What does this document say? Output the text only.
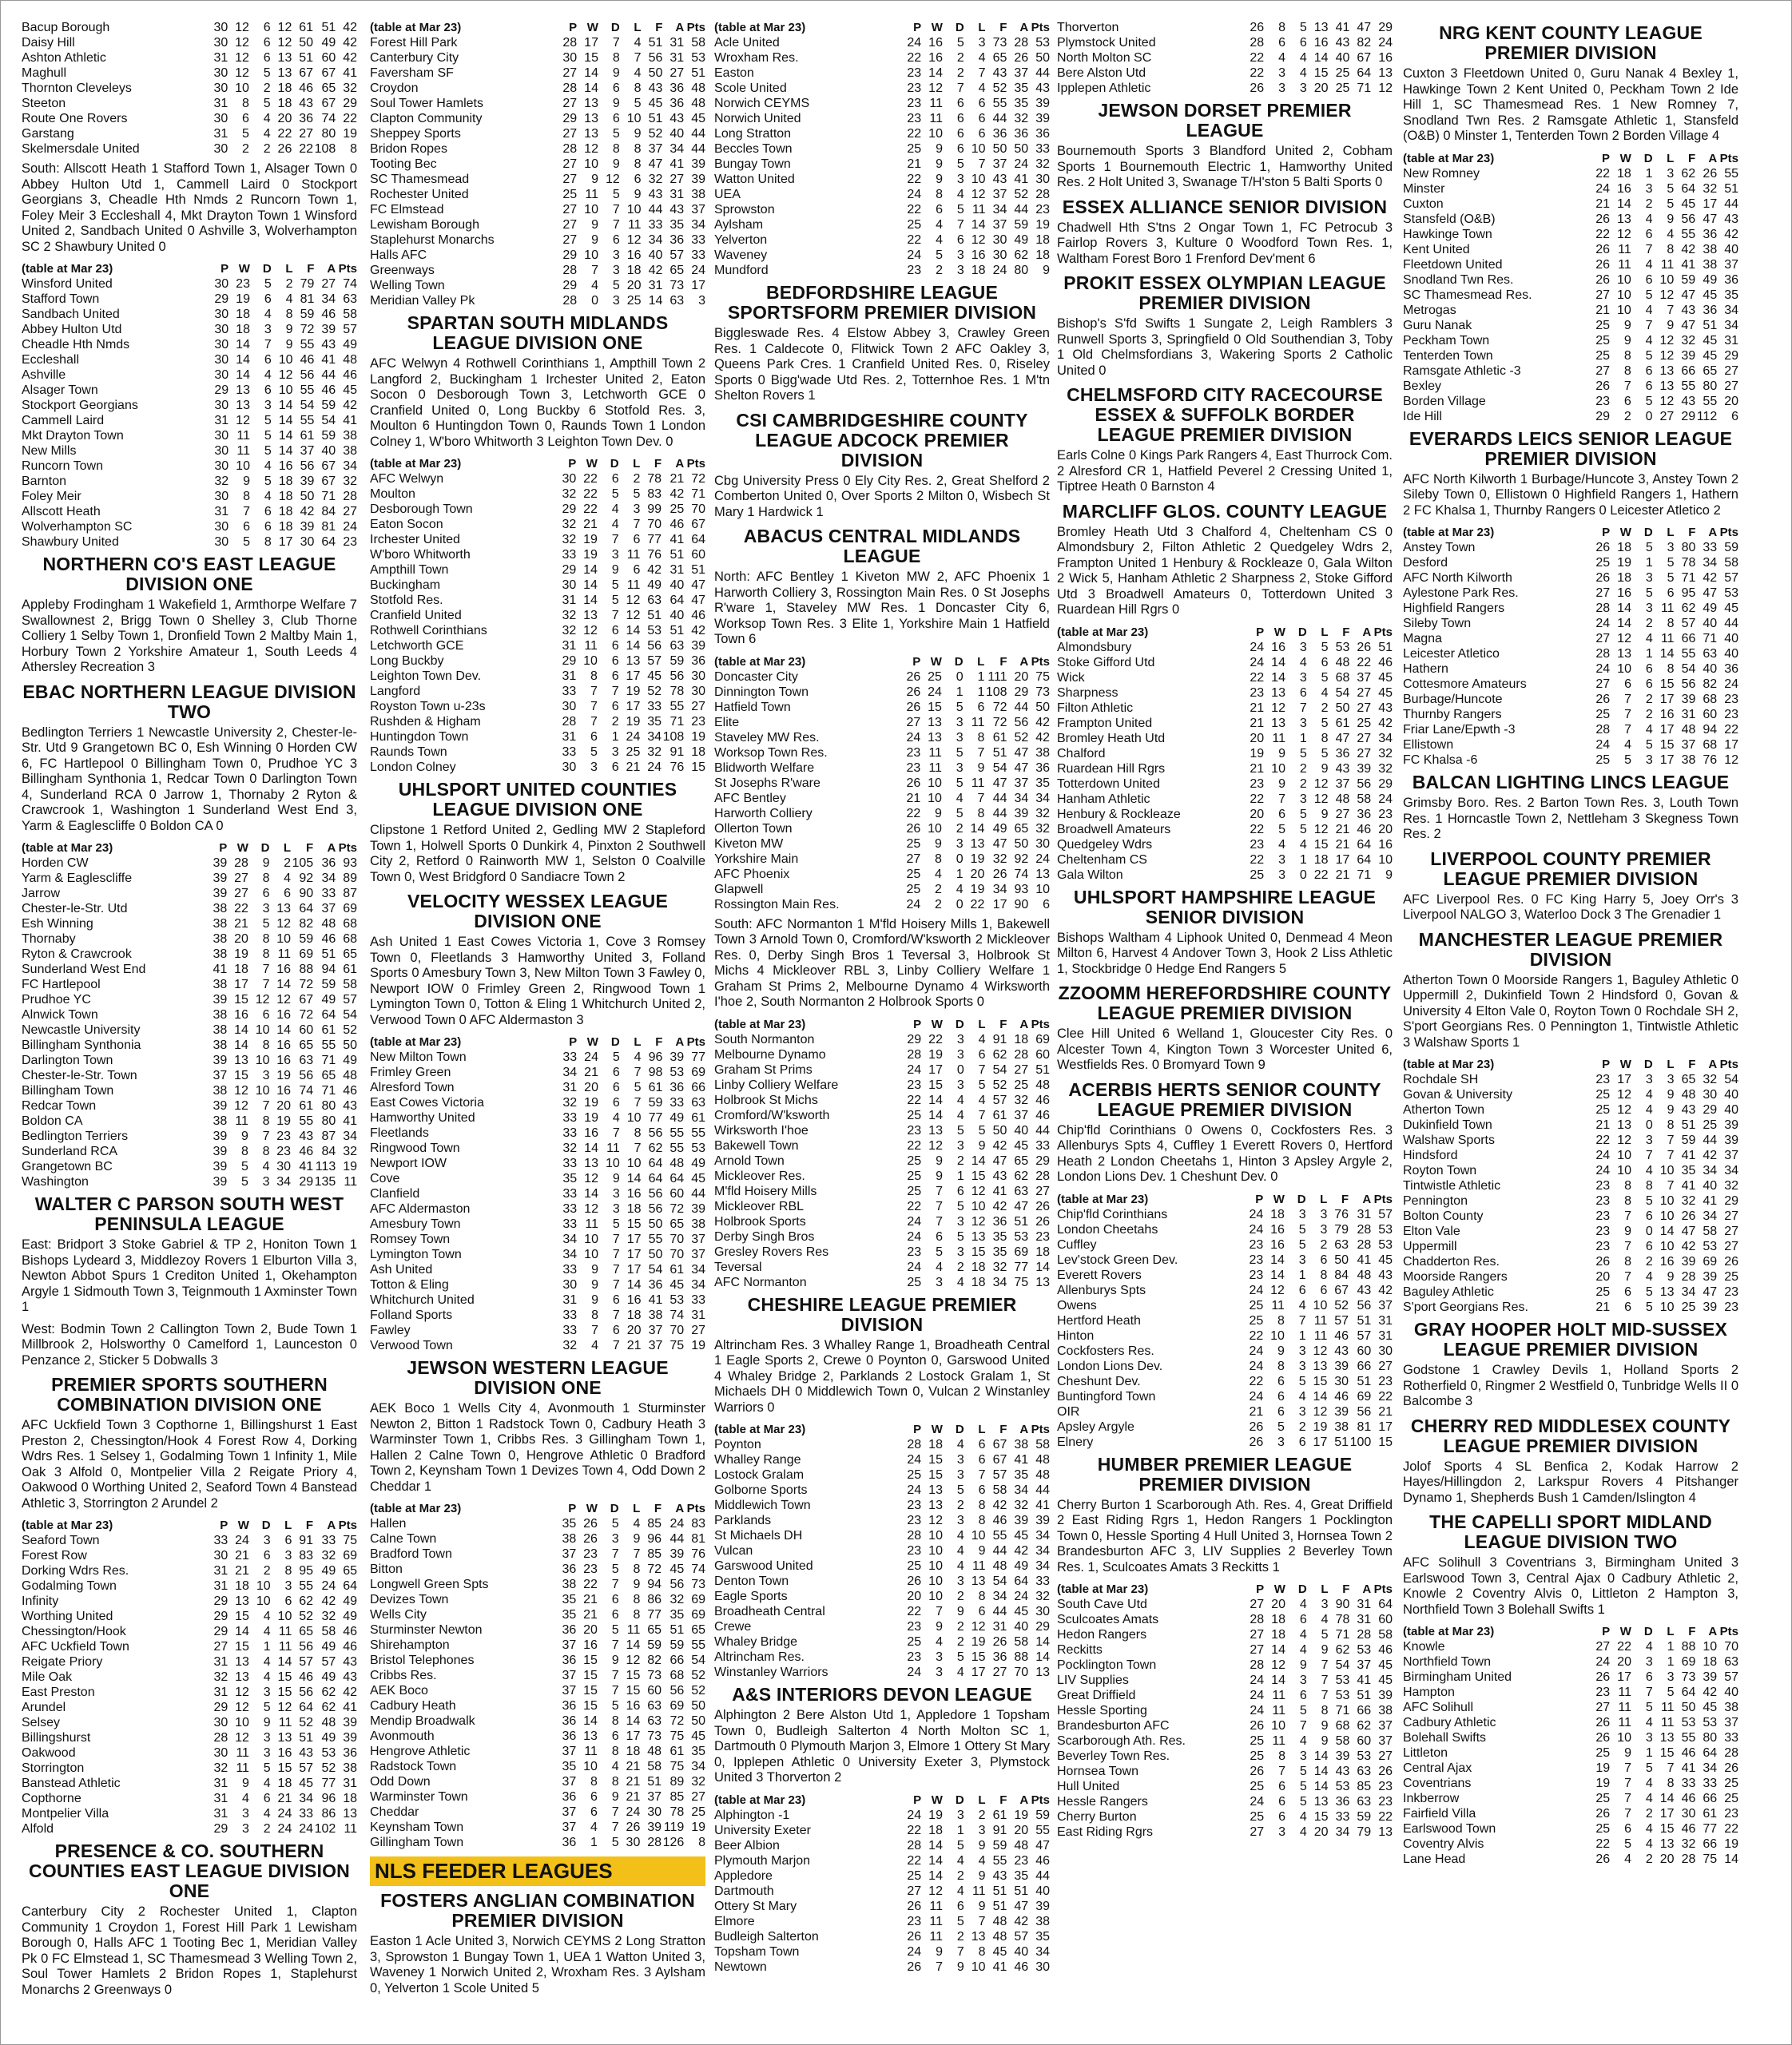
Bacup Borough	30	12	6	12	61	51	42
Daisy Hill	30	12	6	12	50	49	42
Ashton Athletic	31	12	6	13	51	60	42
Maghull	30	12	5	13	67	67	41
Thornton Cleveleys	30	10	2	18	46	65	32
Steeton	31	8	5	18	43	67	29
Route One Rovers	30	6	4	20	36	74	22
Garstang	31	5	4	22	27	80	19
Skelmersdale United	30	2	2	26	22	108	8
South: Allscott Heath 1 Stafford Town 1, Alsager Town 0 Abbey Hulton Utd 1, Cammell Laird 0 Stockport Georgians 3, Cheadle Hth Nmds 2 Runcorn Town 1, Foley Meir 3 Eccleshall 4, Mkt Drayton Town 1 Winsford United 2, Sandbach United 0 Ashville 3, Wolverhampton SC 2 Shawbury United 0
(table at Mar 23)	P	W	D	L	F	A	Pts
Winsford United	30	23	5	2	79	27	74
Stafford Town	29	19	6	4	81	34	63
Sandbach United	30	18	4	8	59	46	58
Abbey Hulton Utd	30	18	3	9	72	39	57
Cheadle Hth Nmds	30	14	7	9	55	43	49
Eccleshall	30	14	6	10	46	41	48
Ashville	30	14	4	12	56	44	46
Alsager Town	29	13	6	10	55	46	45
Stockport Georgians	30	13	3	14	54	59	42
Cammell Laird	31	12	5	14	55	54	41
Mkt Drayton Town	30	11	5	14	61	59	38
New Mills	30	11	5	14	37	40	38
Runcorn Town	30	10	4	16	56	67	34
Barnton	32	9	5	18	39	67	32
Foley Meir	30	8	4	18	50	71	28
Allscott Heath	31	7	6	18	42	84	27
Wolverhampton SC	30	6	6	18	39	81	24
Shawbury United	30	5	8	17	30	64	23
NORTHERN CO'S EAST LEAGUE DIVISION ONE
Appleby Frodingham 1 Wakefield 1, Armthorpe Welfare 7 Swallownest 2, Brigg Town 0 Shelley 3, Club Thorne Colliery 1 Selby Town 1, Dronfield Town 2 Maltby Main 1, Horbury Town 2 Yorkshire Amateur 1, South Leeds 4 Athersley Recreation 3
EBAC NORTHERN LEAGUE DIVISION TWO
Bedlington Terriers 1 Newcastle University 2, Chester-le-Str. Utd 9 Grangetown BC 0, Esh Winning 0 Horden CW 6, FC Hartlepool 0 Billingham Town 0, Prudhoe YC 3 Billingham Synthonia 1, Redcar Town 0 Darlington Town 4, Sunderland RCA 0 Jarrow 1, Thornaby 2 Ryton & Crawcrook 1, Washington 1 Sunderland West End 3, Yarm & Eaglescliffe 0 Boldon CA 0
(table at Mar 23)	P	W	D	L	F	A	Pts
Horden CW	39	28	9	2	105	36	93
Yarm & Eaglescliffe	39	27	8	4	92	34	89
Jarrow	39	27	6	6	90	33	87
Chester-le-Str. Utd	38	22	3	13	64	37	69
Esh Winning	38	21	5	12	82	48	68
Thornaby	38	20	8	10	59	46	68
Ryton & Crawcrook	38	19	8	11	69	51	65
Sunderland West End	41	18	7	16	88	94	61
FC Hartlepool	38	17	7	14	72	59	58
Prudhoe YC	39	15	12	12	67	49	57
Alnwick Town	38	16	6	16	72	64	54
Newcastle University	38	14	10	14	60	61	52
Billingham Synthonia	38	14	8	16	65	55	50
Darlington Town	39	13	10	16	63	71	49
Chester-le-Str. Town	37	15	3	19	56	65	48
Billingham Town	38	12	10	16	74	71	46
Redcar Town	39	12	7	20	61	80	43
Boldon CA	38	11	8	19	55	80	41
Bedlington Terriers	39	9	7	23	43	87	34
Sunderland RCA	39	8	8	23	46	84	32
Grangetown BC	39	5	4	30	41	113	19
Washington	39	5	3	34	29	135	11
WALTER C PARSON SOUTH WEST PENINSULA LEAGUE
East: Bridport 3 Stoke Gabriel & TP 2, Honiton Town 1 Bishops Lydeard 3, Middlezoy Rovers 1 Elburton Villa 3, Newton Abbot Spurs 1 Crediton United 1, Okehampton Argyle 1 Sidmouth Town 3, Teignmouth 1 Axminster Town 1
West: Bodmin Town 2 Callington Town 2, Bude Town 1 Millbrook 2, Holsworthy 0 Camelford 1, Launceston 0 Penzance 2, Sticker 5 Dobwalls 3
PREMIER SPORTS SOUTHERN COMBINATION DIVISION ONE
AFC Uckfield Town 3 Copthorne 1, Billingshurst 1 East Preston 2, Chessington/Hook 4 Forest Row 4, Dorking Wdrs Res. 1 Selsey 1, Godalming Town 1 Infinity 1, Mile Oak 3 Alfold 0, Montpelier Villa 2 Reigate Priory 4, Oakwood 0 Worthing United 2, Seaford Town 4 Banstead Athletic 3, Storrington 2 Arundel 2
(table at Mar 23)	P	W	D	L	F	A	Pts
Seaford Town	33	24	3	6	91	33	75
Forest Row	30	21	6	3	83	32	69
Dorking Wdrs Res.	31	21	2	8	95	49	65
Godalming Town	31	18	10	3	55	24	64
Infinity	29	13	10	6	62	42	49
Worthing United	29	15	4	10	52	32	49
Chessington/Hook	29	14	4	11	65	58	46
AFC Uckfield Town	27	15	1	11	56	49	46
Reigate Priory	31	13	4	14	57	57	43
Mile Oak	32	13	4	15	46	49	43
East Preston	31	12	3	15	56	62	42
Arundel	29	12	5	12	64	62	41
Selsey	30	10	9	11	52	48	39
Billingshurst	28	12	3	13	51	49	39
Oakwood	30	11	3	16	43	53	36
Storrington	32	11	5	15	57	52	38
Banstead Athletic	31	9	4	18	45	77	31
Copthorne	31	4	6	21	34	96	18
Montpelier Villa	31	3	4	24	33	86	13
Alfold	29	3	2	24	24	102	11
PRESENCE & CO. SOUTHERN COUNTIES EAST LEAGUE DIVISION ONE
Canterbury City 2 Rochester United 1, Clapton Community 1 Croydon 1, Forest Hill Park 1 Lewisham Borough 0, Halls AFC 1 Tooting Bec 1, Meridian Valley Pk 0 FC Elmstead 1, SC Thamesmead 3 Welling Town 2, Soul Tower Hamlets 2 Bridon Ropes 1, Staplehurst Monarchs 2 Greenways 0
(table at Mar 23)	P	W	D	L	F	A	Pts
Forest Hill Park	28	17	7	4	51	31	58
Canterbury City	30	15	8	7	56	31	53
Faversham SF	27	14	9	4	50	27	51
Croydon	28	14	6	8	43	36	48
Soul Tower Hamlets	27	13	9	5	45	36	48
Clapton Community	29	13	6	10	51	43	45
Sheppey Sports	27	13	5	9	52	40	44
Bridon Ropes	28	12	8	8	37	34	44
Tooting Bec	27	10	9	8	47	41	39
SC Thamesmead	27	9	12	6	32	27	39
Rochester United	25	11	5	9	43	31	38
FC Elmstead	27	10	7	10	44	43	37
Lewisham Borough	27	9	7	11	33	35	34
Staplehurst Monarchs	27	9	6	12	34	36	33
Halls AFC	29	10	3	16	40	57	33
Greenways	28	7	3	18	42	65	24
Welling Town	29	4	5	20	31	73	17
Meridian Valley Pk	28	0	3	25	14	63	3
SPARTAN SOUTH MIDLANDS LEAGUE DIVISION ONE
AFC Welwyn 4 Rothwell Corinthians 1, Ampthill Town 2 Langford 2, Buckingham 1 Irchester United 2, Eaton Socon 0 Desborough Town 3, Letchworth GCE 0 Cranfield United 0, Long Buckby 6 Stotfold Res. 3, Moulton 6 Huntingdon Town 0, Raunds Town 1 London Colney 1, W'boro Whitworth 3 Leighton Town Dev. 0
(table at Mar 23)	P	W	D	L	F	A	Pts
AFC Welwyn	30	22	6	2	78	21	72
Moulton	32	22	5	5	83	42	71
Desborough Town	29	22	4	3	99	25	70
Eaton Socon	32	21	4	7	70	46	67
Irchester United	32	19	7	6	77	41	64
W'boro Whitworth	33	19	3	11	76	51	60
Ampthill Town	29	14	9	6	42	31	51
Buckingham	30	14	5	11	49	40	47
Stotfold Res.	31	14	5	12	63	64	47
Cranfield United	32	13	7	12	51	40	46
Rothwell Corinthians	32	12	6	14	53	51	42
Letchworth GCE	31	11	6	14	56	63	39
Long Buckby	29	10	6	13	57	59	36
Leighton Town Dev.	31	8	6	17	45	56	30
Langford	33	7	7	19	52	78	30
Royston Town u-23s	30	7	6	17	33	55	27
Rushden & Higham	28	7	2	19	35	71	23
Huntingdon Town	31	6	1	24	34	108	19
Raunds Town	33	5	3	25	32	91	18
London Colney	30	3	6	21	24	76	15
UHLSPORT UNITED COUNTIES LEAGUE DIVISION ONE
Clipstone 1 Retford United 2, Gedling MW 2 Stapleford Town 1, Holwell Sports 0 Dunkirk 4, Pinxton 2 Southwell City 2, Retford 0 Rainworth MW 1, Selston 0 Coalville Town 0, West Bridgford 0 Sandiacre Town 2
VELOCITY WESSEX LEAGUE DIVISION ONE
Ash United 1 East Cowes Victoria 1, Cove 3 Romsey Town 0, Fleetlands 3 Hamworthy United 3, Folland Sports 0 Amesbury Town 3, New Milton Town 3 Fawley 0, Newport IOW 0 Frimley Green 2, Ringwood Town 1 Lymington Town 0, Totton & Eling 1 Whitchurch United 2, Verwood Town 0 AFC Aldermaston 3
(table at Mar 23)	P	W	D	L	F	A	Pts
New Milton Town	33	24	5	4	96	39	77
Frimley Green	34	21	6	7	98	53	69
Alresford Town	31	20	6	5	61	36	66
East Cowes Victoria	32	19	6	7	59	33	63
Hamworthy United	33	19	4	10	77	49	61
Fleetlands	33	16	7	8	56	55	55
Ringwood Town	32	14	11	7	62	55	53
Newport IOW	33	13	10	10	64	48	49
Cove	35	12	9	14	64	64	45
Clanfield	33	14	3	16	56	60	44
AFC Aldermaston	33	12	3	18	56	72	39
Amesbury Town	33	11	5	15	50	65	38
Romsey Town	34	10	7	17	55	70	37
Lymington Town	34	10	7	17	50	70	37
Ash United	33	9	7	17	54	61	34
Totton & Eling	30	9	7	14	36	45	34
Whitchurch United	31	9	6	16	41	53	33
Folland Sports	33	8	7	18	38	74	31
Fawley	33	7	6	20	37	70	27
Verwood Town	32	4	7	21	37	75	19
JEWSON WESTERN LEAGUE DIVISION ONE
AEK Boco 1 Wells City 4, Avonmouth 1 Sturminster Newton 2, Bitton 1 Radstock Town 0, Cadbury Heath 3 Warminster Town 1, Cribbs Res. 3 Gillingham Town 1, Hallen 2 Calne Town 0, Hengrove Athletic 0 Bradford Town 2, Keynsham Town 1 Devizes Town 4, Odd Down 2 Cheddar 1
(table at Mar 23)	P	W	D	L	F	A	Pts
Hallen	35	26	5	4	85	24	83
Calne Town	38	26	3	9	96	44	81
Bradford Town	37	23	7	7	85	39	76
Bitton	36	23	5	8	72	45	74
Longwell Green Spts	38	22	7	9	94	56	73
Devizes Town	35	21	6	8	86	32	69
Wells City	35	21	6	8	77	35	69
Sturminster Newton	36	20	5	11	65	51	65
Shirehampton	37	16	7	14	59	59	55
Bristol Telephones	36	15	9	12	82	66	54
Cribbs Res.	37	15	7	15	73	68	52
AEK Boco	37	15	7	15	60	56	52
Cadbury Heath	36	15	5	16	63	69	50
Mendip Broadwalk	36	14	8	14	63	72	50
Avonmouth	36	13	6	17	73	75	45
Hengrove Athletic	37	11	8	18	48	61	35
Radstock Town	35	10	4	21	58	75	34
Odd Down	37	8	8	21	51	89	32
Warminster Town	36	6	9	21	37	85	27
Cheddar	37	6	7	24	30	78	25
Keynsham Town	37	4	7	26	39	119	19
Gillingham Town	36	1	5	30	28	126	8
NLS FEEDER LEAGUES
FOSTERS ANGLIAN COMBINATION PREMIER DIVISION
Easton 1 Acle United 3, Norwich CEYMS 2 Long Stratton 3, Sprowston 1 Bungay Town 1, UEA 1 Watton United 3, Waveney 1 Norwich United 2, Wroxham Res. 3 Aylsham 0, Yelverton 1 Scole United 5
(table at Mar 23)	P	W	D	L	F	A	Pts
Acle United	24	16	5	3	73	28	53
Wroxham Res.	22	16	2	4	65	26	50
Easton	23	14	2	7	43	37	44
Scole United	23	12	7	4	52	35	43
Norwich CEYMS	23	11	6	6	55	35	39
Norwich United	23	11	6	6	44	32	39
Long Stratton	22	10	6	6	36	36	36
Beccles Town	25	9	6	10	50	50	33
Bungay Town	21	9	5	7	37	24	32
Watton United	22	9	3	10	43	41	30
UEA	24	8	4	12	37	52	28
Sprowston	22	6	5	11	34	44	23
Aylsham	25	4	7	14	37	59	19
Yelverton	22	4	6	12	30	49	18
Waveney	24	5	3	16	30	62	18
Mundford	23	2	3	18	24	80	9
BEDFORDSHIRE LEAGUE SPORTSFORM PREMIER DIVISION
Biggleswade Res. 4 Elstow Abbey 3, Crawley Green Res. 1 Caldecote 0, Flitwick Town 2 AFC Oakley 3, Queens Park Cres. 1 Cranfield United Res. 0, Riseley Sports 0 Bigg'wade Utd Res. 2, Totternhoe Res. 1 M'tn Shelton Rovers 1
CSI CAMBRIDGESHIRE COUNTY LEAGUE ADCOCK PREMIER DIVISION
Cbg University Press 0 Ely City Res. 2, Great Shelford 2 Comberton United 0, Over Sports 2 Milton 0, Wisbech St Mary 1 Hardwick 1
ABACUS CENTRAL MIDLANDS LEAGUE
North: AFC Bentley 1 Kiveton MW 2, AFC Phoenix 1 Harworth Colliery 3, Rossington Main Res. 0 St Josephs R'ware 1, Staveley MW Res. 1 Doncaster City 6, Worksop Town Res. 3 Elite 1, Yorkshire Main 1 Hatfield Town 6
(table at Mar 23)	P	W	D	L	F	A	Pts
Doncaster City	26	25	0	1	111	20	75
Dinnington Town	26	24	1	1	108	29	73
Hatfield Town	26	15	5	6	72	44	50
Elite	27	13	3	11	72	56	42
Staveley MW Res.	24	13	3	8	61	52	42
Worksop Town Res.	23	11	5	7	51	47	38
Blidworth Welfare	23	11	3	9	54	47	36
St Josephs R'ware	26	10	5	11	47	37	35
AFC Bentley	21	10	4	7	44	34	34
Harworth Colliery	22	9	5	8	44	39	32
Ollerton Town	26	10	2	14	49	65	32
Kiveton MW	25	9	3	13	47	50	30
Yorkshire Main	27	8	0	19	32	92	24
AFC Phoenix	25	4	1	20	26	74	13
Glapwell	25	2	4	19	34	93	10
Rossington Main Res.	24	2	0	22	17	90	6
South: AFC Normanton 1 M'fld Hoisery Mills 1, Bakewell Town 3 Arnold Town 0, Cromford/W'ksworth 2 Mickleover Res. 0, Derby Singh Bros 1 Teversal 3, Holbrook St Michs 4 Mickleover RBL 3, Linby Colliery Welfare 1 Graham St Prims 2, Melbourne Dynamo 4 Wirksworth I'hoe 2, South Normanton 2 Holbrook Sports 0
(table at Mar 23)	P	W	D	L	F	A	Pts
South Normanton	29	22	3	4	91	18	69
Melbourne Dynamo	28	19	3	6	62	28	60
Graham St Prims	24	17	0	7	54	27	51
Linby Colliery Welfare	23	15	3	5	52	25	48
Holbrook St Michs	22	14	4	4	57	32	46
Cromford/W'ksworth	25	14	4	7	61	37	46
Wirksworth I'hoe	23	13	5	5	50	40	44
Bakewell Town	22	12	3	9	42	45	33
Arnold Town	25	9	2	14	47	65	29
Mickleover Res.	25	9	1	15	43	62	28
M'fld Hoisery Mills	25	7	6	12	41	63	27
Mickleover RBL	22	7	5	10	42	47	26
Holbrook Sports	24	7	3	12	36	51	26
Derby Singh Bros	24	6	5	13	35	53	23
Gresley Rovers Res	23	5	3	15	35	69	18
Teversal	24	4	2	18	32	77	14
AFC Normanton	25	3	4	18	34	75	13
CHESHIRE LEAGUE PREMIER DIVISION
Altrincham Res. 3 Whalley Range 1, Broadheath Central 1 Eagle Sports 2, Crewe 0 Poynton 0, Garswood United 4 Whaley Bridge 2, Parklands 2 Lostock Gralam 1, St Michaels DH 0 Middlewich Town 0, Vulcan 2 Winstanley Warriors 0
(table at Mar 23)	P	W	D	L	F	A	Pts
Poynton	28	18	4	6	67	38	58
Whalley Range	24	15	3	6	67	41	48
Lostock Gralam	25	15	3	7	57	35	48
Golborne Sports	24	13	5	6	58	34	44
Middlewich Town	23	13	2	8	42	32	41
Parklands	23	12	3	8	46	39	39
St Michaels DH	28	10	4	10	55	45	34
Vulcan	23	10	4	9	44	42	34
Garswood United	25	10	4	11	48	49	34
Denton Town	26	10	3	13	54	64	33
Eagle Sports	20	10	2	8	34	24	32
Broadheath Central	22	7	9	6	44	45	30
Crewe	23	9	2	12	31	40	29
Whaley Bridge	25	4	2	19	26	58	14
Altrincham Res.	23	3	5	15	36	88	14
Winstanley Warriors	24	3	4	17	27	70	13
A&S INTERIORS DEVON LEAGUE
Alphington 2 Bere Alston Utd 1, Appledore 1 Topsham Town 0, Budleigh Salterton 4 North Molton SC 1, Dartmouth 0 Plymouth Marjon 3, Elmore 1 Ottery St Mary 0, Ipplepen Athletic 0 University Exeter 3, Plymstock United 3 Thorverton 2
(table at Mar 23)	P	W	D	L	F	A	Pts
Alphington -1	24	19	3	2	61	19	59
University Exeter	22	18	1	3	91	20	55
Beer Albion	28	14	5	9	59	48	47
Plymouth Marjon	22	14	4	4	55	23	46
Appledore	25	14	2	9	43	35	44
Dartmouth	27	12	4	11	51	51	40
Ottery St Mary	26	11	6	9	51	47	39
Elmore	23	11	5	7	48	42	38
Budleigh Salterton	26	11	2	13	48	57	35
Topsham Town	24	9	7	8	45	40	34
Newtown	26	7	9	10	41	46	30
Thorverton	26	8	5	13	41	47	29
Plymstock United	28	6	6	16	43	82	24
North Molton SC	22	4	4	14	40	67	16
Bere Alston Utd	22	3	4	15	25	64	13
Ipplepen Athletic	26	3	3	20	25	71	12
JEWSON DORSET PREMIER LEAGUE
Bournemouth Sports 3 Blandford United 2, Cobham Sports 1 Bournemouth Electric 1, Hamworthy United Res. 2 Holt United 3, Swanage T/H'ston 5 Balti Sports 0
ESSEX ALLIANCE SENIOR DIVISION
Chadwell Hth S'tns 2 Ongar Town 1, FC Petrocub 3 Fairlop Rovers 3, Kulture 0 Woodford Town Res. 1, Waltham Forest Boro 1 Frenford Dev'ment 6
PROKIT ESSEX OLYMPIAN LEAGUE PREMIER DIVISION
Bishop's S'fd Swifts 1 Sungate 2, Leigh Ramblers 3 Runwell Sports 3, Springfield 0 Old Southendian 3, Toby 1 Old Chelmsfordians 3, Wakering Sports 2 Catholic United 0
CHELMSFORD CITY RACECOURSE ESSEX & SUFFOLK BORDER LEAGUE PREMIER DIVISION
Earls Colne 0 Kings Park Rangers 4, East Thurrock Com. 2 Alresford CR 1, Hatfield Peverel 2 Cressing United 1, Tiptree Heath 0 Barnston 4
MARCLIFF GLOS. COUNTY LEAGUE
Bromley Heath Utd 3 Chalford 4, Cheltenham CS 0 Almondsbury 2, Filton Athletic 2 Quedgeley Wdrs 2, Frampton United 1 Henbury & Rockleaze 0, Gala Wilton 2 Wick 5, Hanham Athletic 2 Sharpness 2, Stoke Gifford Utd 3 Broadwell Amateurs 0, Totterdown United 3 Ruardean Hill Rgrs 0
(table at Mar 23)	P	W	D	L	F	A	Pts
Almondsbury	24	16	3	5	53	26	51
Stoke Gifford Utd	24	14	4	6	48	22	46
Wick	22	14	3	5	68	37	45
Sharpness	23	13	6	4	54	27	45
Filton Athletic	21	12	7	2	50	27	43
Frampton United	21	13	3	5	61	25	42
Bromley Heath Utd	20	11	1	8	47	27	34
Chalford	19	9	5	5	36	27	32
Ruardean Hill Rgrs	21	10	2	9	43	39	32
Totterdown United	23	9	2	12	37	56	29
Hanham Athletic	22	7	3	12	48	58	24
Henbury & Rockleaze	20	6	5	9	27	36	23
Broadwell Amateurs	22	5	5	12	21	46	20
Quedgeley Wdrs	23	4	4	15	21	64	16
Cheltenham CS	22	3	1	18	17	64	10
Gala Wilton	25	3	0	22	21	71	9
UHLSPORT HAMPSHIRE LEAGUE SENIOR DIVISION
Bishops Waltham 4 Liphook United 0, Denmead 4 Meon Milton 6, Harvest 4 Andover Town 3, Hook 2 Liss Athletic 1, Stockbridge 0 Hedge End Rangers 5
ZZOOMM HEREFORDSHIRE COUNTY LEAGUE PREMIER DIVISION
Clee Hill United 6 Welland 1, Gloucester City Res. 0 Alcester Town 4, Kington Town 3 Worcester United 6, Westfields Res. 0 Bromyard Town 9
ACERBIS HERTS SENIOR COUNTY LEAGUE PREMIER DIVISION
Chip'fld Corinthians 0 Owens 0, Cockfosters Res. 3 Allenburys Spts 4, Cuffley 1 Everett Rovers 0, Hertford Heath 2 London Cheetahs 1, Hinton 3 Apsley Argyle 2, London Lions Dev. 1 Cheshunt Dev. 0
(table at Mar 23)	P	W	D	L	F	A	Pts
Chip'fld Corinthians	24	18	3	3	76	31	57
London Cheetahs	24	16	5	3	79	28	53
Cuffley	23	16	5	2	63	28	53
Lev'stock Green Dev.	23	14	3	6	50	41	45
Everett Rovers	23	14	1	8	84	48	43
Allenburys Spts	24	12	6	6	67	43	42
Owens	25	11	4	10	52	56	37
Hertford Heath	25	8	7	11	57	51	31
Hinton	22	10	1	11	46	57	31
Cockfosters Res.	24	9	3	12	43	60	30
London Lions Dev.	24	8	3	13	39	66	27
Cheshunt Dev.	22	6	5	15	30	51	23
Buntingford Town	24	6	4	14	46	69	22
OIR	21	6	3	12	39	56	21
Apsley Argyle	26	5	2	19	38	81	17
Elnery	26	3	6	17	51	100	15
HUMBER PREMIER LEAGUE PREMIER DIVISION
Cherry Burton 1 Scarborough Ath. Res. 4, Great Driffield 2 East Riding Rgrs 1, Hedon Rangers 1 Pocklington Town 0, Hessle Sporting 4 Hull United 3, Hornsea Town 2 Brandesburton AFC 3, LIV Supplies 2 Beverley Town Res. 1, Sculcoates Amats 3 Reckitts 1
(table at Mar 23)	P	W	D	L	F	A	Pts
South Cave Utd	27	20	4	3	90	31	64
Sculcoates Amats	28	18	6	4	78	31	60
Hedon Rangers	27	18	4	5	71	28	58
Reckitts	27	14	4	9	62	53	46
Pocklington Town	28	12	9	7	54	37	45
LIV Supplies	24	14	3	7	53	41	45
Great Driffield	24	11	6	7	53	51	39
Hessle Sporting	24	11	5	8	71	66	38
Brandesburton AFC	26	10	7	9	68	62	37
Scarborough Ath. Res.	25	11	4	9	58	60	37
Beverley Town Res.	25	8	3	14	39	53	27
Hornsea Town	26	7	5	14	43	63	26
Hull United	25	6	5	14	53	85	23
Hessle Rangers	24	6	5	13	36	63	23
Cherry Burton	25	6	4	15	33	59	22
East Riding Rgrs	27	3	4	20	34	79	13
NRG KENT COUNTY LEAGUE PREMIER DIVISION
Cuxton 3 Fleetdown United 0, Guru Nanak 4 Bexley 1, Hawkinge Town 2 Kent United 0, Peckham Town 2 Ide Hill 1, SC Thamesmead Res. 1 New Romney 7, Snodland Twn Res. 2 Ramsgate Athletic 1, Stansfeld (O&B) 0 Minster 1, Tenterden Town 2 Borden Village 4
(table at Mar 23)	P	W	D	L	F	A	Pts
New Romney	22	18	1	3	62	26	55
Minster	24	16	3	5	64	32	51
Cuxton	21	14	2	5	45	17	44
Stansfeld (O&B)	26	13	4	9	56	47	43
Hawkinge Town	22	12	6	4	55	36	42
Kent United	26	11	7	8	42	38	40
Fleetdown United	26	11	4	11	41	38	37
Snodland Twn Res.	26	10	6	10	59	49	36
SC Thamesmead Res.	27	10	5	12	47	45	35
Metrogas	21	10	4	7	43	36	34
Guru Nanak	25	9	7	9	47	51	34
Peckham Town	25	9	4	12	32	45	31
Tenterden Town	25	8	5	12	39	45	29
Ramsgate Athletic -3	27	8	6	13	66	65	27
Bexley	26	7	6	13	55	80	27
Borden Village	23	6	5	12	43	55	20
Ide Hill	29	2	0	27	29	112	6
EVERARDS LEICS SENIOR LEAGUE PREMIER DIVISION
AFC North Kilworth 1 Burbage/Huncote 3, Anstey Town 2 Sileby Town 0, Ellistown 0 Highfield Rangers 1, Hathern 2 FC Khalsa 1, Thurnby Rangers 0 Leicester Atletico 2
(table at Mar 23)	P	W	D	L	F	A	Pts
Anstey Town	26	18	5	3	80	33	59
Desford	25	19	1	5	78	34	58
AFC North Kilworth	26	18	3	5	71	42	57
Aylestone Park Res.	27	16	5	6	95	47	53
Highfield Rangers	28	14	3	11	62	49	45
Sileby Town	24	14	2	8	57	40	44
Magna	27	12	4	11	66	71	40
Leicester Atletico	28	13	1	14	55	63	40
Hathern	24	10	6	8	54	40	36
Cottesmore Amateurs	27	6	6	15	56	82	24
Burbage/Huncote	26	7	2	17	39	68	23
Thurnby Rangers	25	7	2	16	31	60	23
Friar Lane/Epwth -3	28	7	4	17	48	94	22
Ellistown	24	4	5	15	37	68	17
FC Khalsa -6	25	5	3	17	38	76	12
BALCAN LIGHTING LINCS LEAGUE
Grimsby Boro. Res. 2 Barton Town Res. 3, Louth Town Res. 1 Horncastle Town 2, Nettleham 3 Skegness Town Res. 2
LIVERPOOL COUNTY PREMIER LEAGUE PREMIER DIVISION
AFC Liverpool Res. 0 FC King Harry 5, Joey Orr's 3 Liverpool NALGO 3, Waterloo Dock 3 The Grenadier 1
MANCHESTER LEAGUE PREMIER DIVISION
Atherton Town 0 Moorside Rangers 1, Baguley Athletic 0 Uppermill 2, Dukinfield Town 2 Hindsford 0, Govan & University 4 Elton Vale 0, Royton Town 0 Rochdale SH 2, S'port Georgians Res. 0 Pennington 1, Tintwistle Athletic 3 Walshaw Sports 1
(table at Mar 23)	P	W	D	L	F	A	Pts
Rochdale SH	23	17	3	3	65	32	54
Govan & University	25	12	4	9	48	30	40
Atherton Town	25	12	4	9	43	29	40
Dukinfield Town	21	13	0	8	51	25	39
Walshaw Sports	22	12	3	7	59	44	39
Hindsford	24	10	7	7	41	42	37
Royton Town	24	10	4	10	35	34	34
Tintwistle Athletic	23	8	8	7	41	40	32
Pennington	23	8	5	10	32	41	29
Bolton County	23	7	6	10	26	34	27
Elton Vale	23	9	0	14	47	58	27
Uppermill	23	7	6	10	42	53	27
Chadderton Res.	26	8	2	16	39	69	26
Moorside Rangers	20	7	4	9	28	39	25
Baguley Athletic	25	6	5	13	34	47	23
S'port Georgians Res.	21	6	5	10	25	39	23
GRAY HOOPER HOLT MID-SUSSEX LEAGUE PREMIER DIVISION
Godstone 1 Crawley Devils 1, Holland Sports 2 Rotherfield 0, Ringmer 2 Westfield 0, Tunbridge Wells II 0 Balcombe 3
CHERRY RED MIDDLESEX COUNTY LEAGUE PREMIER DIVISION
Jolof Sports 4 SL Benfica 2, Kodak Harrow 2 Hayes/Hillingdon 2, Larkspur Rovers 4 Pitshanger Dynamo 1, Shepherds Bush 1 Camden/Islington 4
THE CAPELLI SPORT MIDLAND LEAGUE DIVISION TWO
AFC Solihull 3 Coventrians 3, Birmingham United 3 Earlswood Town 3, Central Ajax 0 Cadbury Athletic 2, Knowle 2 Coventry Alvis 0, Littleton 2 Hampton 3, Northfield Town 3 Bolehall Swifts 1
(table at Mar 23)	P	W	D	L	F	A	Pts
Knowle	27	22	4	1	88	10	70
Northfield Town	24	20	3	1	69	18	63
Birmingham United	26	17	6	3	73	39	57
Hampton	23	11	7	5	64	42	40
AFC Solihull	27	11	5	11	50	45	38
Cadbury Athletic	26	11	4	11	53	53	37
Bolehall Swifts	26	10	3	13	55	80	33
Littleton	25	9	1	15	46	64	28
Central Ajax	19	7	5	7	41	34	26
Coventrians	19	7	4	8	33	33	25
Inkberrow	25	7	4	14	46	66	25
Fairfield Villa	26	7	2	17	30	61	23
Earlswood Town	25	6	4	15	46	77	22
Coventry Alvis	22	5	4	13	32	66	19
Lane Head	26	4	2	20	28	75	14
